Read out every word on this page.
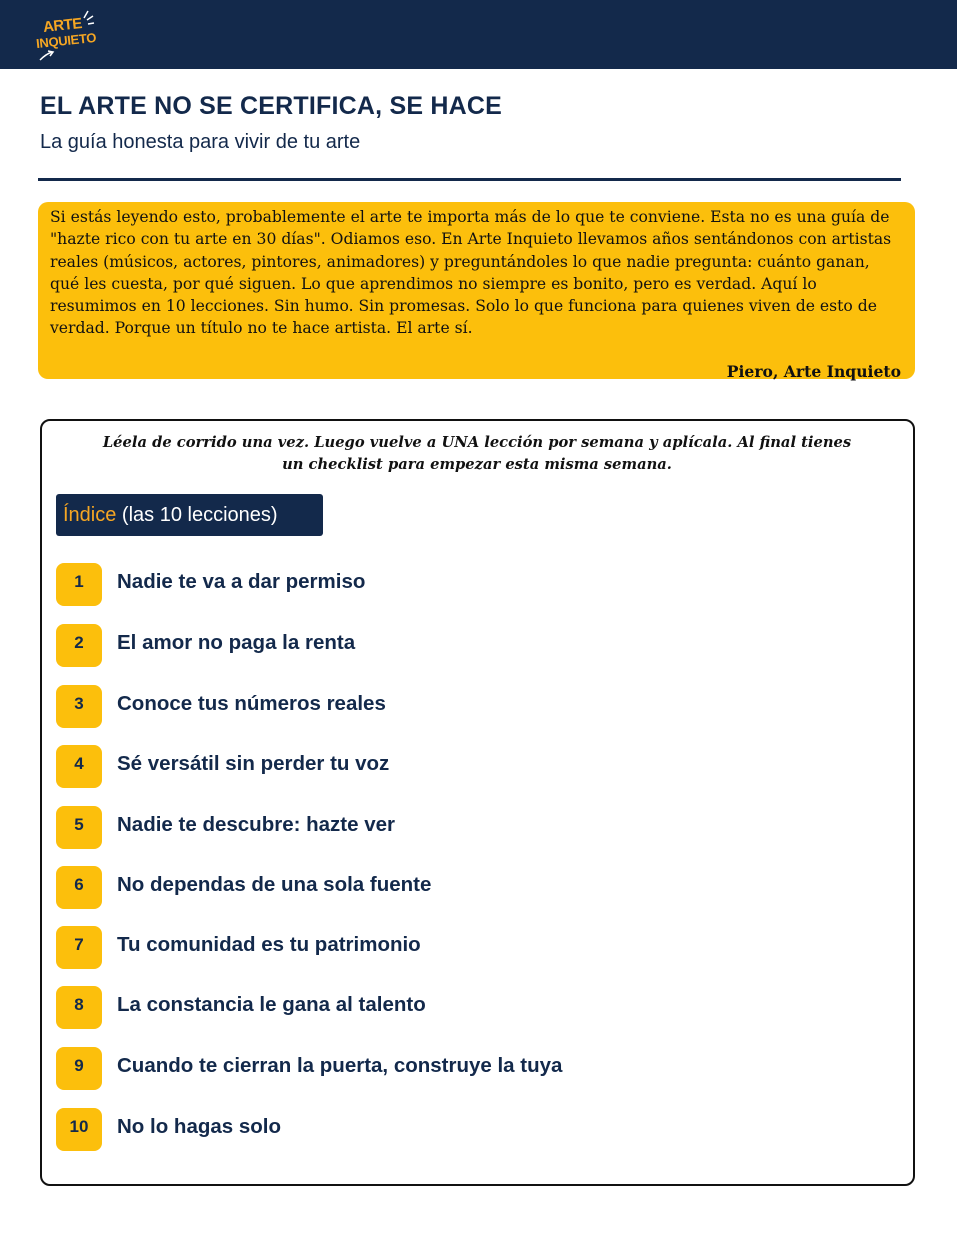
ARTE
INQUIETO
EL ARTE NO SE CERTIFICA, SE HACE
La guía honesta para vivir de tu arte

Si estás leyendo esto, probablemente el arte te importa más de lo que te conviene. Esta no es una guía de "hazte rico con tu arte en 30 días". Odiamos eso. En Arte Inquieto llevamos años sentándonos con artistas reales (músicos, actores, pintores, animadores) y preguntándoles lo que nadie pregunta: cuánto ganan, qué les cuesta, por qué siguen. Lo que aprendimos no siempre es bonito, pero es verdad. Aquí lo resumimos en 10 lecciones. Sin humo. Sin promesas. Solo lo que funciona para quienes viven de esto de verdad. Porque un título no te hace artista. El arte sí.

Piero, Arte Inquieto

Léela de corrido una vez. Luego vuelve a UNA lección por semana y aplícala. Al final tienes un checklist para empezar esta misma semana.

Índice (las 10 lecciones)
1	Nadie te va a dar permiso
2	El amor no paga la renta
3	Conoce tus números reales
4	Sé versátil sin perder tu voz
5	Nadie te descubre: hazte ver
6	No dependas de una sola fuente
7	Tu comunidad es tu patrimonio
8	La constancia le gana al talento
9	Cuando te cierran la puerta, construye la tuya
10	No lo hagas solo
